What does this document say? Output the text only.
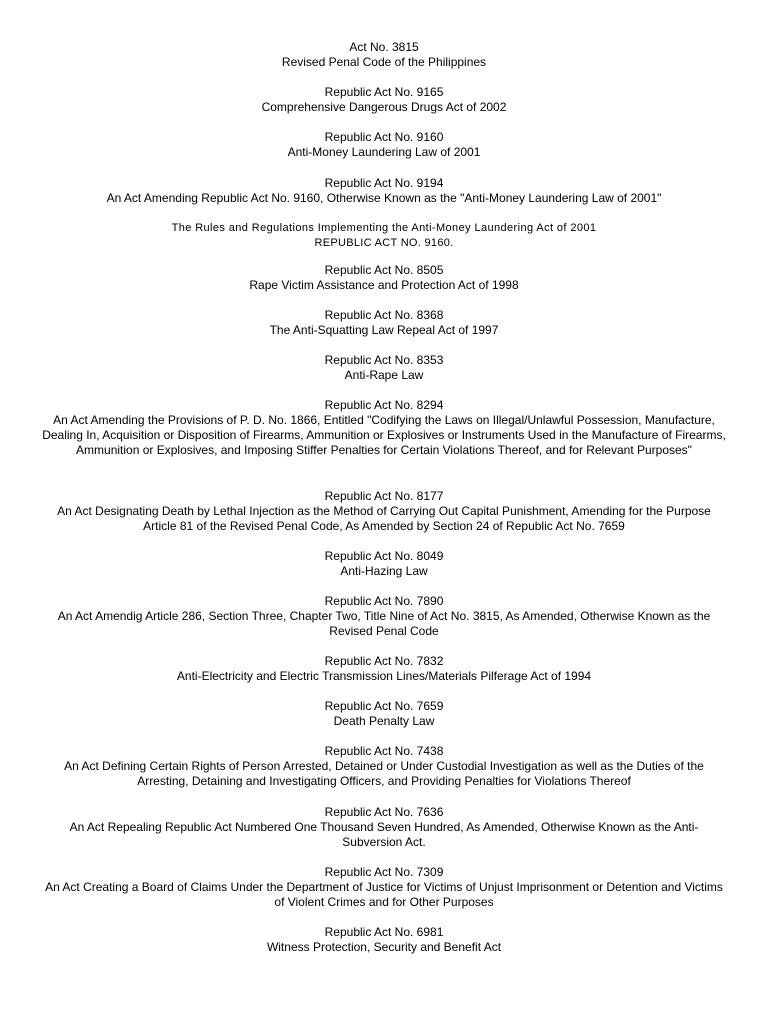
Act No. 3815
Revised Penal Code of the Philippines
Republic Act No. 9165
Comprehensive Dangerous Drugs Act of 2002
Republic Act No. 9160
Anti-Money Laundering Law of 2001
Republic Act No. 9194
An Act Amending Republic Act No. 9160, Otherwise Known as the "Anti-Money Laundering Law of 2001"
The Rules and Regulations Implementing the Anti-Money Laundering Act of 2001
REPUBLIC ACT NO. 9160.
Republic Act No. 8505
Rape Victim Assistance and Protection Act of 1998
Republic Act No. 8368
The Anti-Squatting Law Repeal Act of 1997
Republic Act No. 8353
Anti-Rape Law
Republic Act No. 8294
An Act Amending the Provisions of P. D. No. 1866, Entitled "Codifying the Laws on Illegal/Unlawful Possession, Manufacture, Dealing In, Acquisition or Disposition of Firearms, Ammunition or Explosives or Instruments Used in the Manufacture of Firearms, Ammunition or Explosives, and Imposing Stiffer Penalties for Certain Violations Thereof, and for Relevant Purposes"
Republic Act No. 8177
An Act Designating Death by Lethal Injection as the Method of Carrying Out Capital Punishment, Amending for the Purpose Article 81 of the Revised Penal Code, As Amended by Section 24 of Republic Act No. 7659
Republic Act No. 8049
Anti-Hazing Law
Republic Act No. 7890
An Act Amendig Article 286, Section Three, Chapter Two, Title Nine of Act No. 3815, As Amended, Otherwise Known as the Revised Penal Code
Republic Act No. 7832
Anti-Electricity and Electric Transmission Lines/Materials Pilferage Act of 1994
Republic Act No. 7659
Death Penalty Law
Republic Act No. 7438
An Act Defining Certain Rights of Person Arrested, Detained or Under Custodial Investigation as well as the Duties of the Arresting, Detaining and Investigating Officers, and Providing Penalties for Violations Thereof
Republic Act No. 7636
An Act Repealing Republic Act Numbered One Thousand Seven Hundred, As Amended, Otherwise Known as the Anti-Subversion Act.
Republic Act No. 7309
An Act Creating a Board of Claims Under the Department of Justice for Victims of Unjust Imprisonment or Detention and Victims of Violent Crimes and for Other Purposes
Republic Act No. 6981
Witness Protection, Security and Benefit Act
